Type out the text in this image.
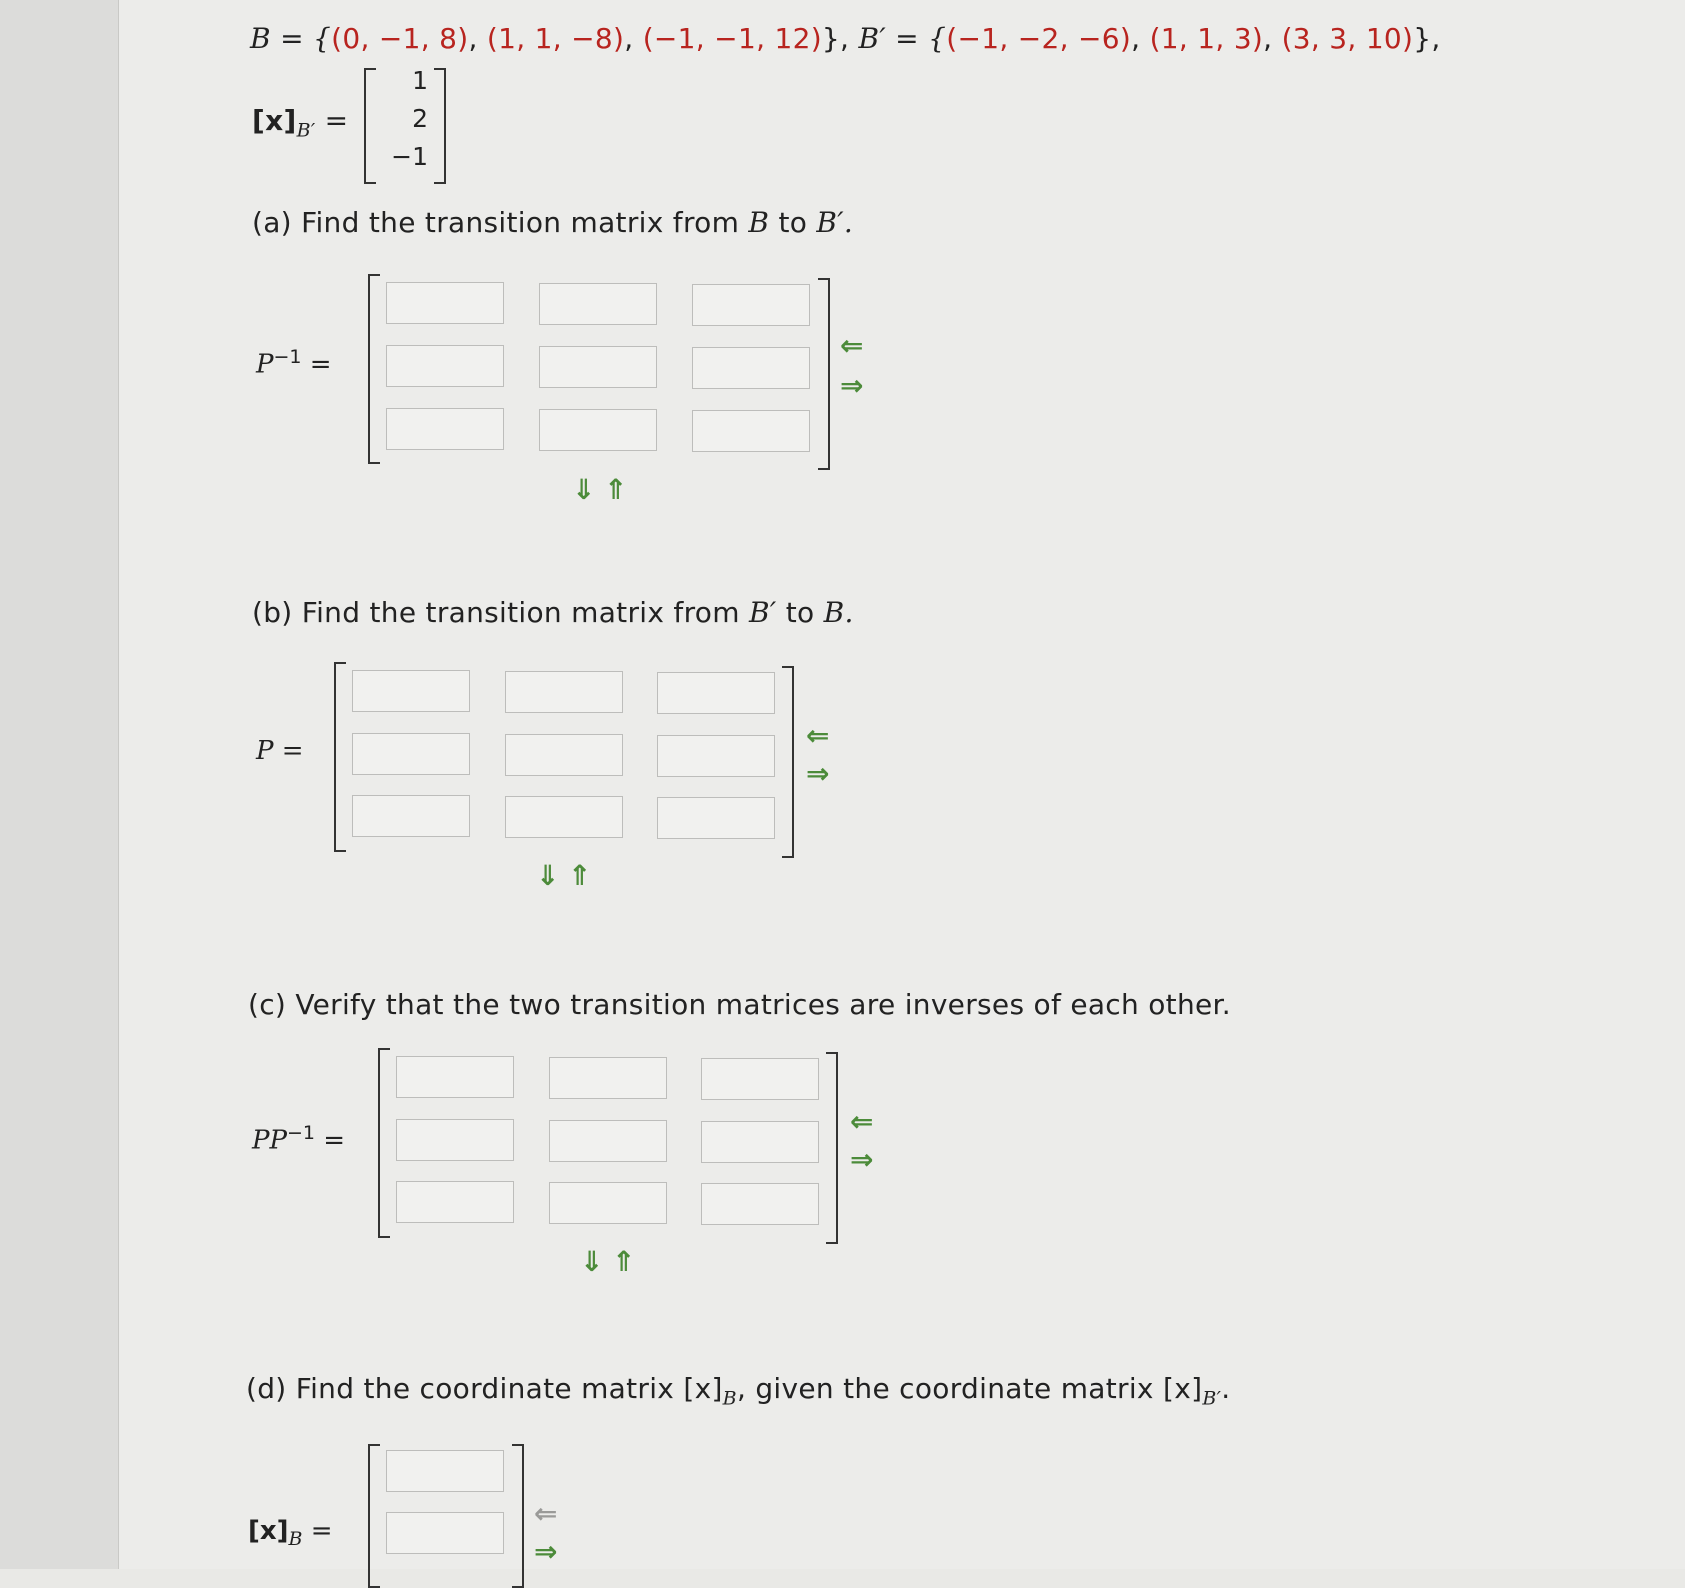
B = {(0, −1, 8), (1, 1, −8), (−1, −1, 12)}, B′ = {(−1, −2, −6), (1, 1, 3), (3, 3, 10)},
$[x]_{B'}$ =
1
2
−1
(a) Find the transition matrix from B to B′.
$P^{-1}$ =
⇐
⇒
⇓ ⇑
(b) Find the transition matrix from B′ to B.
P =	⇐
⇒
⇓ ⇑
(c) Verify that the two transition matrices are inverses of each other.
$PP^{-1}$ =
⇐
⇒
⇓ ⇑
(d) Find the coordinate matrix $[x]_B$, given the coordinate matrix $[x]_{B'}$.
$[x]_B$ =
⇐
⇒
